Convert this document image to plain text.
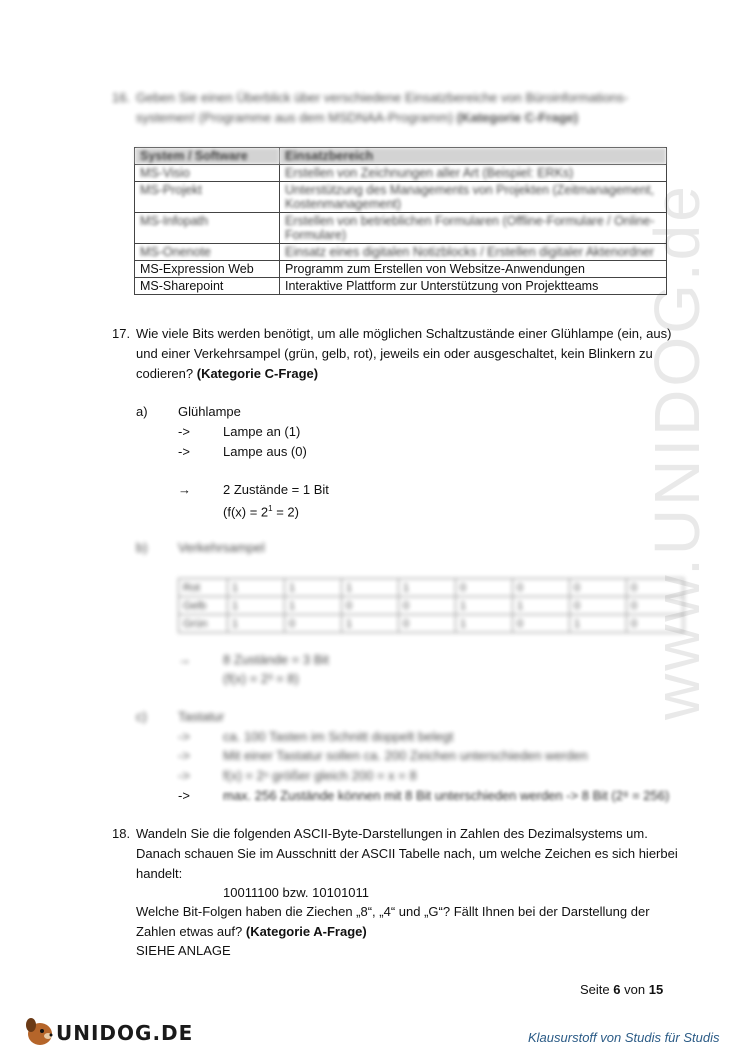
www.UNIDOG.de
16. Geben Sie einen Überblick über verschiedene Einsatzbereiche von Büroinformations-
systemen! (Programme aus dem MSDNAA-Programm) (Kategorie C-Frage)
System / Software	Einsatzbereich
MS-Visio	Erstellen von Zeichnungen aller Art (Beispiel: ERKs)
MS-Projekt	Unterstützung des Managements von Projekten (Zeitmanagement, Kostenmanagement)
MS-Infopath	Erstellen von betrieblichen Formularen (Offline-Formulare / Online-Formulare)
MS-Onenote	Einsatz eines digitalen Notizblocks / Erstellen digitaler Aktenordner
MS-Expression Web	Programm zum Erstellen von Websitze-Anwendungen
MS-Sharepoint	Interaktive Plattform zur Unterstützung von Projektteams
17. Wie viele Bits werden benötigt, um alle möglichen Schaltzustände einer Glühlampe (ein, aus)
und einer Verkehrsampel (grün, gelb, rot), jeweils ein oder ausgeschaltet, kein Blinkern zu
codieren? (Kategorie C-Frage)
a) Glühlampe
->	Lampe an (1)
->	Lampe aus (0)
→ 2 Zustände = 1 Bit
$(f(x) = 2^1 = 2)$
b) Verkehrsampel
Rot	1	1	1	1	0	0	0	0
Gelb	1	1	0	0	1	1	0	0
Grün	1	0	1	0	1	0	1	0
→ 8 Zustände = 3 Bit
(f(x) = 2³ = 8)
c) Tastatur
->	ca. 100 Tasten im Schnitt doppelt belegt
->	Mit einer Tastatur sollen ca. 200 Zeichen unterschieden werden
->	f(x) = 2ⁿ größer gleich 200 = x = 8
->	max. 256 Zustände können mit 8 Bit unterschieden werden -> 8 Bit (2⁸ = 256)
18. Wandeln Sie die folgenden ASCII-Byte-Darstellungen in Zahlen des Dezimalsystems um.
Danach schauen Sie im Ausschnitt der ASCII Tabelle nach, um welche Zeichen es sich hierbei
handelt:
10011100 bzw. 10101011
Welche Bit-Folgen haben die Ziechen „8“, „4“ und „G“? Fällt Ihnen bei der Darstellung der
Zahlen etwas auf? (Kategorie A-Frage)
SIEHE ANLAGE
Seite 6 von 15
UNIDOG.DE	Klausurstoff von Studis für Studis
